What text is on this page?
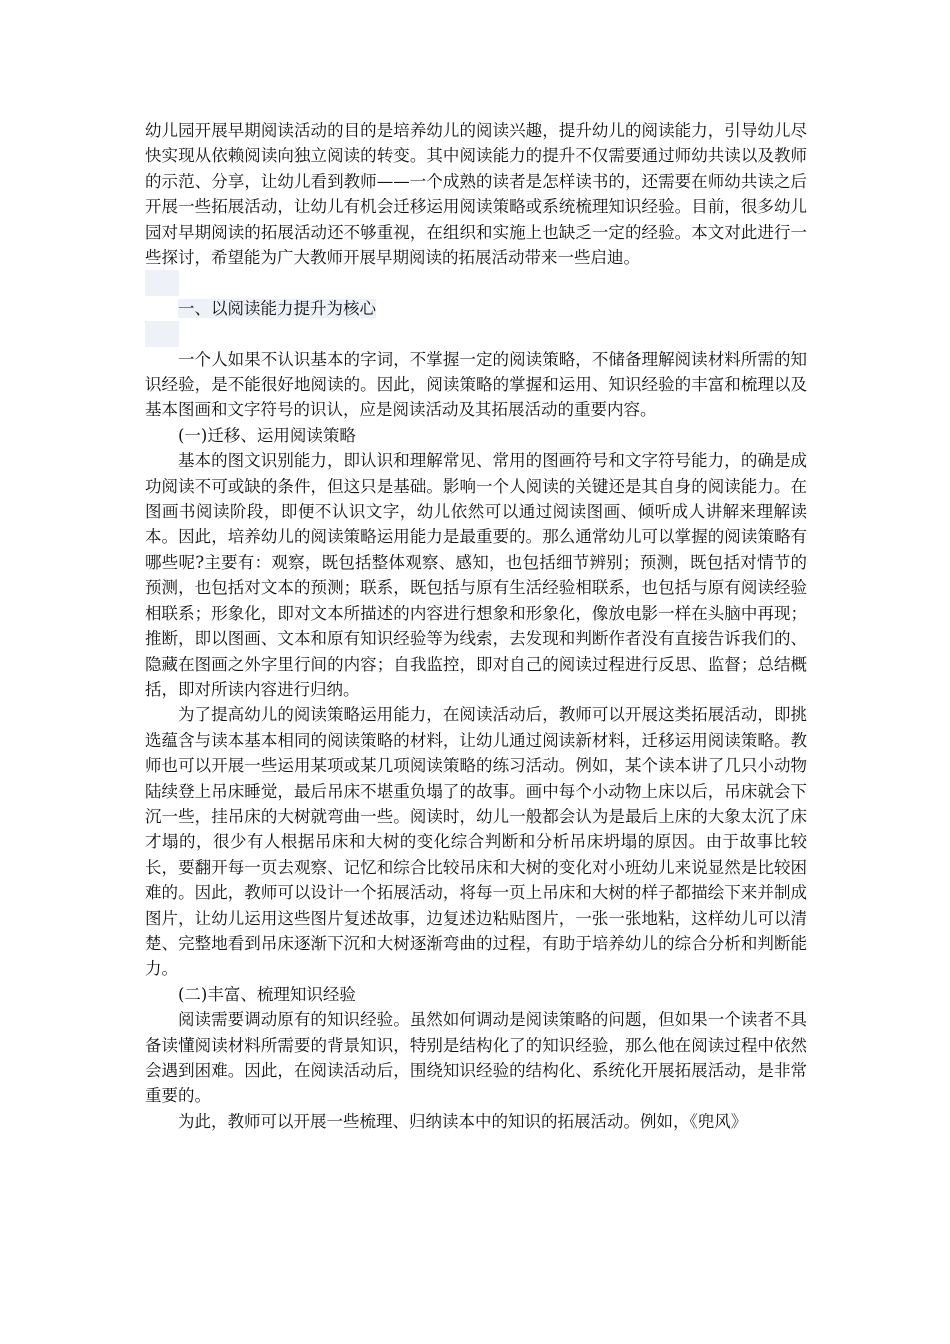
幼儿园开展早期阅读活动的目的是培养幼儿的阅读兴趣，提升幼儿的阅读能力，引导幼儿尽快实现从依赖阅读向独立阅读的转变。其中阅读能力的提升不仅需要通过师幼共读以及教师的示范、分享，让幼儿看到教师——一个成熟的读者是怎样读书的，还需要在师幼共读之后开展一些拓展活动，让幼儿有机会迁移运用阅读策略或系统梳理知识经验。目前，很多幼儿园对早期阅读的拓展活动还不够重视，在组织和实施上也缺乏一定的经验。本文对此进行一些探讨，希望能为广大教师开展早期阅读的拓展活动带来一些启迪。

一、以阅读能力提升为核心

一个人如果不认识基本的字词，不掌握一定的阅读策略，不储备理解阅读材料所需的知识经验，是不能很好地阅读的。因此，阅读策略的掌握和运用、知识经验的丰富和梳理以及基本图画和文字符号的识认，应是阅读活动及其拓展活动的重要内容。

(一)迁移、运用阅读策略

基本的图文识别能力，即认识和理解常见、常用的图画符号和文字符号能力，的确是成功阅读不可或缺的条件，但这只是基础。影响一个人阅读的关键还是其自身的阅读能力。在图画书阅读阶段，即便不认识文字，幼儿依然可以通过阅读图画、倾听成人讲解来理解读本。因此，培养幼儿的阅读策略运用能力是最重要的。那么通常幼儿可以掌握的阅读策略有哪些呢?主要有：观察，既包括整体观察、感知，也包括细节辨别；预测，既包括对情节的预测，也包括对文本的预测；联系，既包括与原有生活经验相联系，也包括与原有阅读经验相联系；形象化，即对文本所描述的内容进行想象和形象化，像放电影一样在头脑中再现；推断，即以图画、文本和原有知识经验等为线索，去发现和判断作者没有直接告诉我们的、隐藏在图画之外字里行间的内容；自我监控，即对自己的阅读过程进行反思、监督；总结概括，即对所读内容进行归纳。

为了提高幼儿的阅读策略运用能力，在阅读活动后，教师可以开展这类拓展活动，即挑选蕴含与读本基本相同的阅读策略的材料，让幼儿通过阅读新材料，迁移运用阅读策略。教师也可以开展一些运用某项或某几项阅读策略的练习活动。例如，某个读本讲了几只小动物陆续登上吊床睡觉，最后吊床不堪重负塌了的故事。画中每个小动物上床以后，吊床就会下沉一些，挂吊床的大树就弯曲一些。阅读时，幼儿一般都会认为是最后上床的大象太沉了床才塌的，很少有人根据吊床和大树的变化综合判断和分析吊床坍塌的原因。由于故事比较长，要翻开每一页去观察、记忆和综合比较吊床和大树的变化对小班幼儿来说显然是比较困难的。因此，教师可以设计一个拓展活动，将每一页上吊床和大树的样子都描绘下来并制成图片，让幼儿运用这些图片复述故事，边复述边粘贴图片，一张一张地粘，这样幼儿可以清楚、完整地看到吊床逐渐下沉和大树逐渐弯曲的过程，有助于培养幼儿的综合分析和判断能力。

(二)丰富、梳理知识经验

阅读需要调动原有的知识经验。虽然如何调动是阅读策略的问题，但如果一个读者不具备读懂阅读材料所需要的背景知识，特别是结构化了的知识经验，那么他在阅读过程中依然会遇到困难。因此，在阅读活动后，围绕知识经验的结构化、系统化开展拓展活动，是非常重要的。

为此，教师可以开展一些梳理、归纳读本中的知识的拓展活动。例如，《兜风》
